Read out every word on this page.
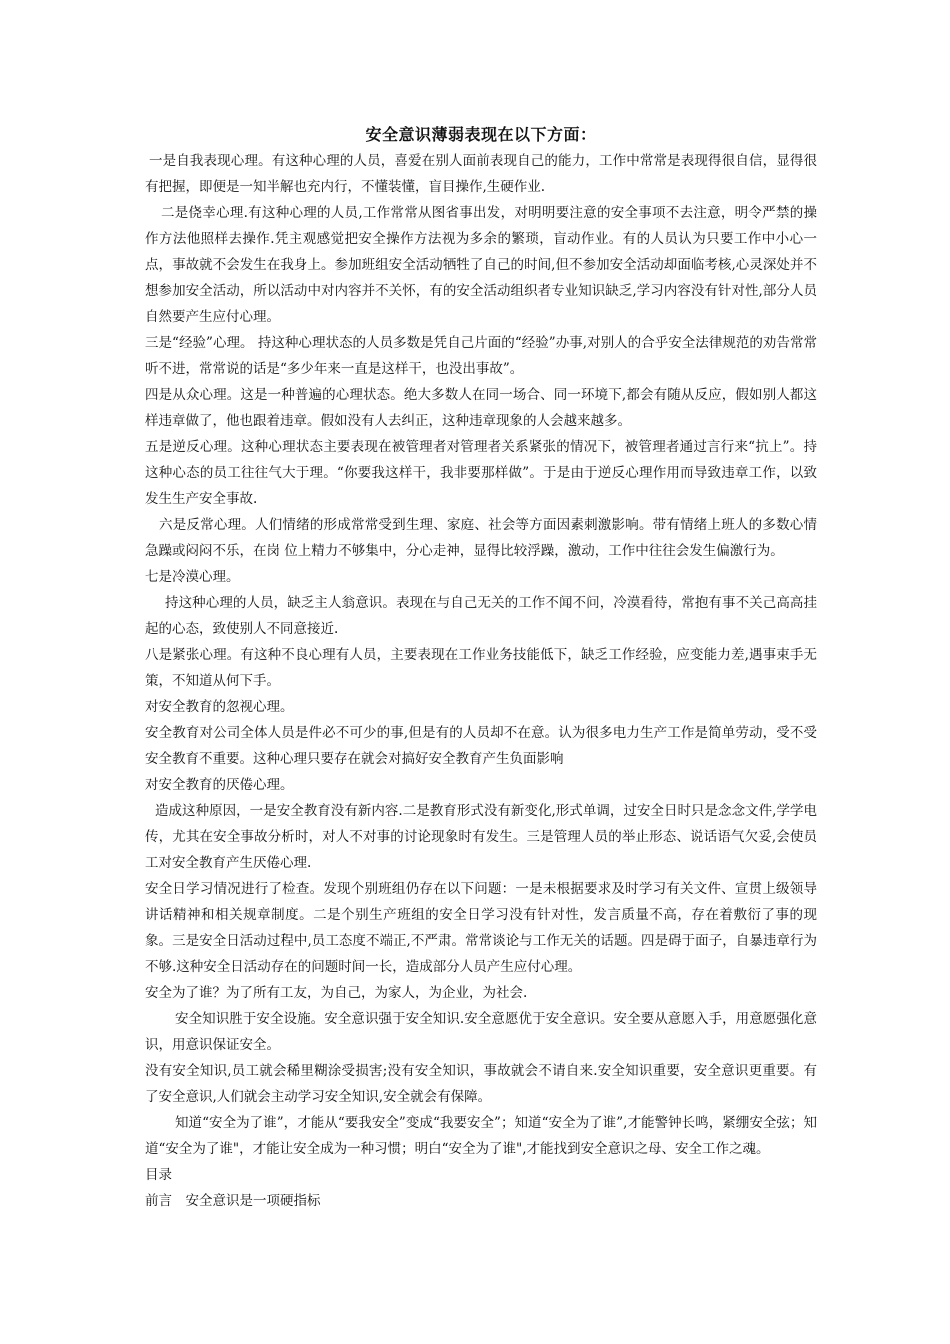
安全意识薄弱表现在以下方面：

一是自我表现心理。有这种心理的人员，喜爱在别人面前表现自己的能力，工作中常常是表现得很自信，显得很有把握，即便是一知半解也充内行，不懂装懂，盲目操作,生硬作业.

二是侥幸心理.有这种心理的人员,工作常常从图省事出发，对明明要注意的安全事项不去注意，明令严禁的操作方法他照样去操作.凭主观感觉把安全操作方法视为多余的繁琐，盲动作业。有的人员认为只要工作中小心一点，事故就不会发生在我身上。参加班组安全活动牺牲了自己的时间,但不参加安全活动却面临考核,心灵深处并不想参加安全活动，所以活动中对内容并不关怀，有的安全活动组织者专业知识缺乏,学习内容没有针对性,部分人员自然要产生应付心理。

三是“经验”心理。 持这种心理状态的人员多数是凭自己片面的“经验”办事,对别人的合乎安全法律规范的劝告常常听不进，常常说的话是“多少年来一直是这样干，也没出事故”。

四是从众心理。这是一种普遍的心理状态。绝大多数人在同一场合、同一环境下,都会有随从反应，假如别人都这样违章做了，他也跟着违章。假如没有人去纠正，这种违章现象的人会越来越多。

五是逆反心理。这种心理状态主要表现在被管理者对管理者关系紧张的情况下，被管理者通过言行来“抗上”。持这种心态的员工往往气大于理。“你要我这样干，我非要那样做”。于是由于逆反心理作用而导致违章工作，以致发生生产安全事故.

六是反常心理。人们情绪的形成常常受到生理、家庭、社会等方面因素刺激影响。带有情绪上班人的多数心情急躁或闷闷不乐，在岗 位上精力不够集中，分心走神，显得比较浮躁，激动，工作中往往会发生偏激行为。

七是冷漠心理。

持这种心理的人员，缺乏主人翁意识。表现在与自己无关的工作不闻不问，冷漠看待，常抱有事不关己高高挂起的心态，致使别人不同意接近.

八是紧张心理。有这种不良心理有人员，主要表现在工作业务技能低下，缺乏工作经验，应变能力差,遇事束手无策，不知道从何下手。

对安全教育的忽视心理。

安全教育对公司全体人员是件必不可少的事,但是有的人员却不在意。认为很多电力生产工作是简单劳动，受不受安全教育不重要。这种心理只要存在就会对搞好安全教育产生负面影响

对安全教育的厌倦心理。

造成这种原因，一是安全教育没有新内容.二是教育形式没有新变化,形式单调，过安全日时只是念念文件,学学电传，尤其在安全事故分析时，对人不对事的讨论现象时有发生。三是管理人员的举止形态、说话语气欠妥,会使员工对安全教育产生厌倦心理.

安全日学习情况进行了检查。发现个别班组仍存在以下问题：一是未根据要求及时学习有关文件、宣贯上级领导讲话精神和相关规章制度。二是个别生产班组的安全日学习没有针对性，发言质量不高，存在着敷衍了事的现象。三是安全日活动过程中,员工态度不端正,不严肃。常常谈论与工作无关的话题。四是碍于面子，自暴违章行为不够.这种安全日活动存在的问题时间一长，造成部分人员产生应付心理。

安全为了谁？为了所有工友，为自己，为家人，为企业，为社会.

安全知识胜于安全设施。安全意识强于安全知识.安全意愿优于安全意识。安全要从意愿入手，用意愿强化意识，用意识保证安全。

没有安全知识,员工就会稀里糊涂受损害;没有安全知识，事故就会不请自来.安全知识重要，安全意识更重要。有了安全意识,人们就会主动学习安全知识,安全就会有保障。

知道“安全为了谁”，才能从“要我安全”变成“我要安全”；知道“安全为了谁”,才能警钟长鸣，紧绷安全弦；知道“安全为了谁"，才能让安全成为一种习惯；明白“安全为了谁",才能找到安全意识之母、安全工作之魂。

目录

前言　安全意识是一项硬指标
